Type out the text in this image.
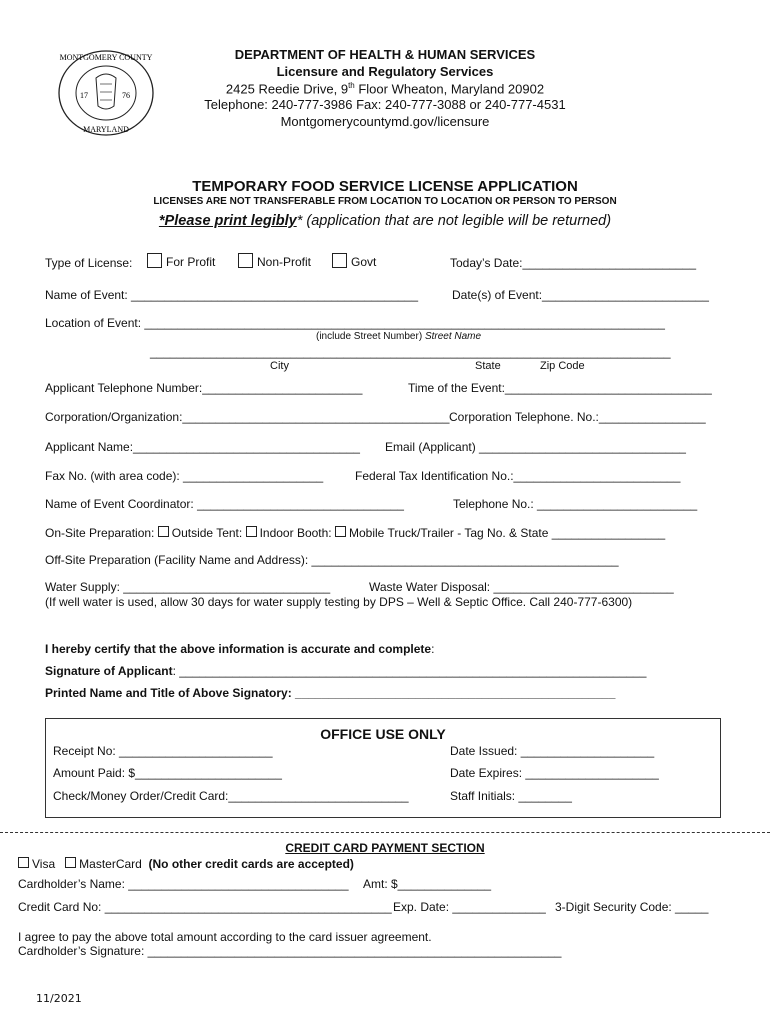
MONTGOMERY COUNTY
MARYLAND
17	76
DEPARTMENT OF HEALTH & HUMAN SERVICES
Licensure and Regulatory Services
2425 Reedie Drive, 9th Floor Wheaton, Maryland 20902
Telephone: 240-777-3986 Fax: 240-777-3088 or 240-777-4531
Montgomerycountymd.gov/licensure
TEMPORARY FOOD SERVICE LICENSE APPLICATION
LICENSES ARE NOT TRANSFERABLE FROM LOCATION TO LOCATION OR PERSON TO PERSON
*Please print legibly* (application that are not legible will be returned)
Type of License:	For Profit	Non-Profit	Govt	Today’s Date:__________________________
Name of Event: ___________________________________________	Date(s) of Event:_________________________
Location of Event: ______________________________________________________________________________
(include Street Number) Street Name
______________________________________________________________________________
City	State	Zip Code
Applicant Telephone Number:________________________	Time of the Event:_______________________________
Corporation/Organization:________________________________________ Corporation Telephone. No.:________________
Applicant Name:__________________________________ Email (Applicant) _______________________________
Fax No. (with area code): _____________________	Federal Tax Identification No.:_________________________
Name of Event Coordinator: _______________________________	Telephone No.: ________________________
On-Site Preparation: Outside Tent: Indoor Booth: Mobile Truck/Trailer - Tag No. & State _________________
Off-Site Preparation (Facility Name and Address): ______________________________________________
Water Supply: _______________________________	Waste Water Disposal: ___________________________
(If well water is used, allow 30 days for water supply testing by DPS – Well & Septic Office. Call 240-777-6300)
I hereby certify that the above information is accurate and complete:
Signature of Applicant: ______________________________________________________________________
Printed Name and Title of Above Signatory: ________________________________________________
OFFICE USE ONLY
Receipt No: _______________________
Amount Paid: $______________________
Check/Money Order/Credit Card:___________________________
Date Issued: ____________________
Date Expires: ____________________
Staff Initials: ________
CREDIT CARD PAYMENT SECTION
Visa MasterCard (No other credit cards are accepted)
Cardholder’s Name: _________________________________ Amt: $______________
Credit Card No: ___________________________________________ Exp. Date: ______________ 3-Digit Security Code: _____
I agree to pay the above total amount according to the card issuer agreement.
Cardholder’s Signature: ______________________________________________________________
11/2021
